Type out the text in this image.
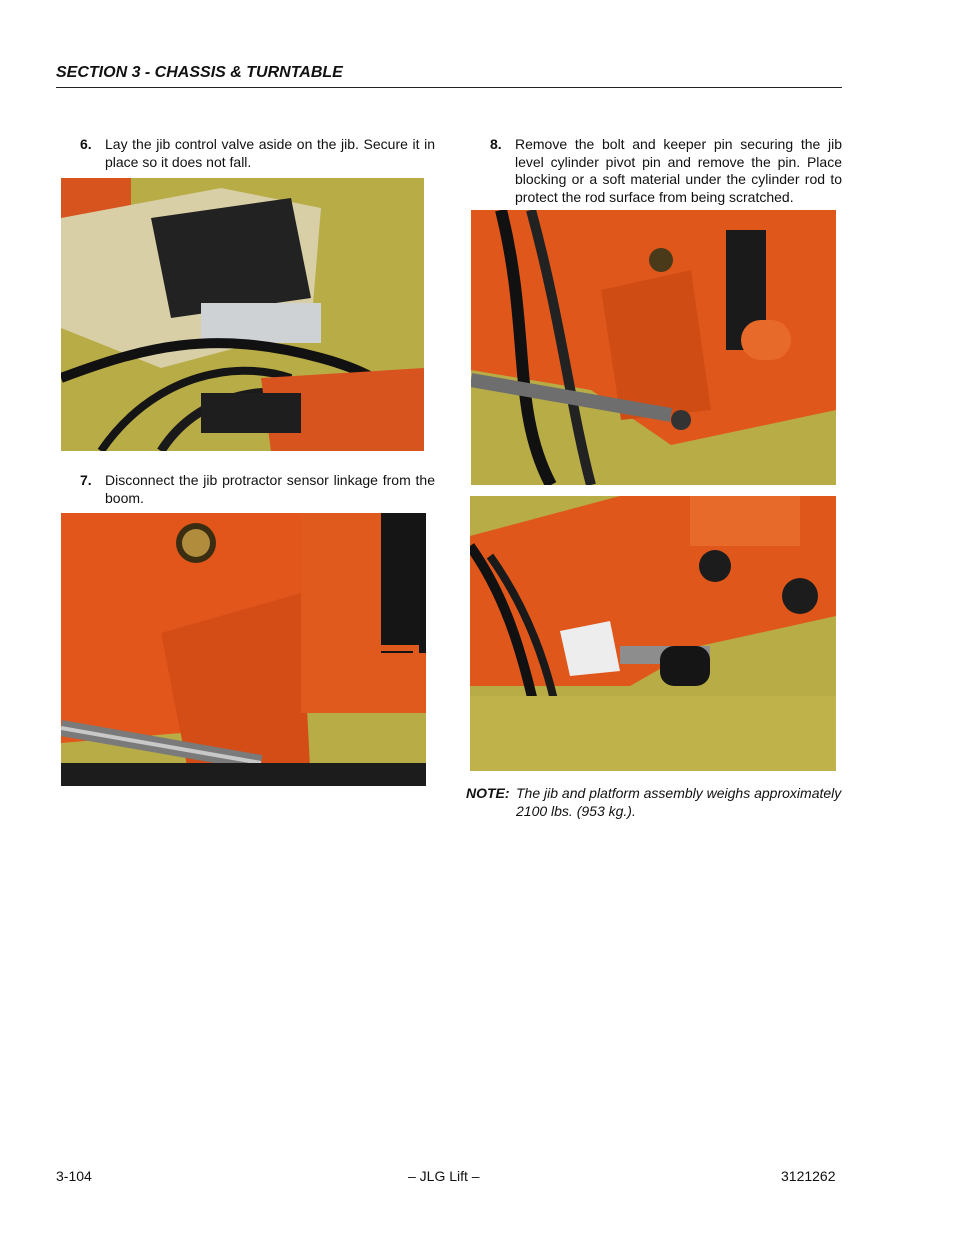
SECTION 3 - CHASSIS & TURNTABLE
6. Lay the jib control valve aside on the jib. Secure it in place so it does not fall.
7. Disconnect the jib protractor sensor linkage from the boom.
8. Remove the bolt and keeper pin securing the jib level cylinder pivot pin and remove the pin. Place blocking or a soft material under the cylinder rod to protect the rod surface from being scratched.
NOTE: The jib and platform assembly weighs approximately 2100 lbs. (953 kg.).
3-104	– JLG Lift –	3121262
